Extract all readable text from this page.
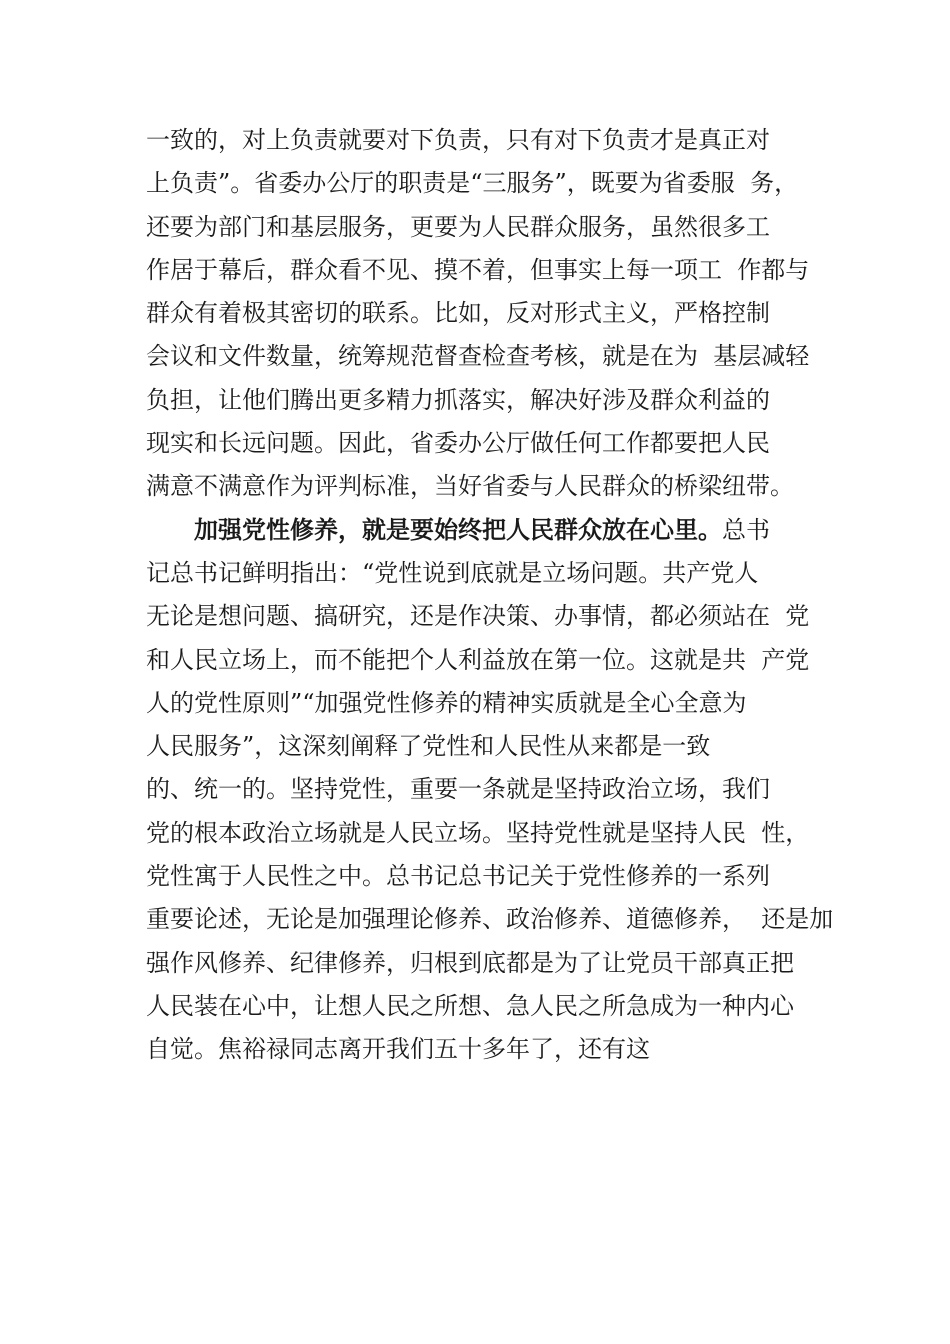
一致的，对上负责就要对下负责，只有对下负责才是真正对
上负责”。省委办公厅的职责是“三服务”，既要为省委服  务，
还要为部门和基层服务，更要为人民群众服务，虽然很多工
作居于幕后，群众看不见、摸不着，但事实上每一项工  作都与
群众有着极其密切的联系。比如，反对形式主义，严格控制
会议和文件数量，统筹规范督查检查考核，就是在为  基层减轻
负担，让他们腾出更多精力抓落实，解决好涉及群众利益的
现实和长远问题。因此，省委办公厅做任何工作都要把人民
满意不满意作为评判标准，当好省委与人民群众的桥梁纽带。
　　加强党性修养，就是要始终把人民群众放在心里。总书
记总书记鲜明指出：“党性说到底就是立场问题。共产党人
无论是想问题、搞研究，还是作决策、办事情，都必须站在  党
和人民立场上，而不能把个人利益放在第一位。这就是共  产党
人的党性原则”“加强党性修养的精神实质就是全心全意为
人民服务”，这深刻阐释了党性和人民性从来都是一致
的、统一的。坚持党性，重要一条就是坚持政治立场，我们
党的根本政治立场就是人民立场。坚持党性就是坚持人民  性，
党性寓于人民性之中。总书记总书记关于党性修养的一系列
重要论述，无论是加强理论修养、政治修养、道德修养，  还是加
强作风修养、纪律修养，归根到底都是为了让党员干部真正把
人民装在心中，让想人民之所想、急人民之所急成为一种内心
自觉。焦裕禄同志离开我们五十多年了，还有这
